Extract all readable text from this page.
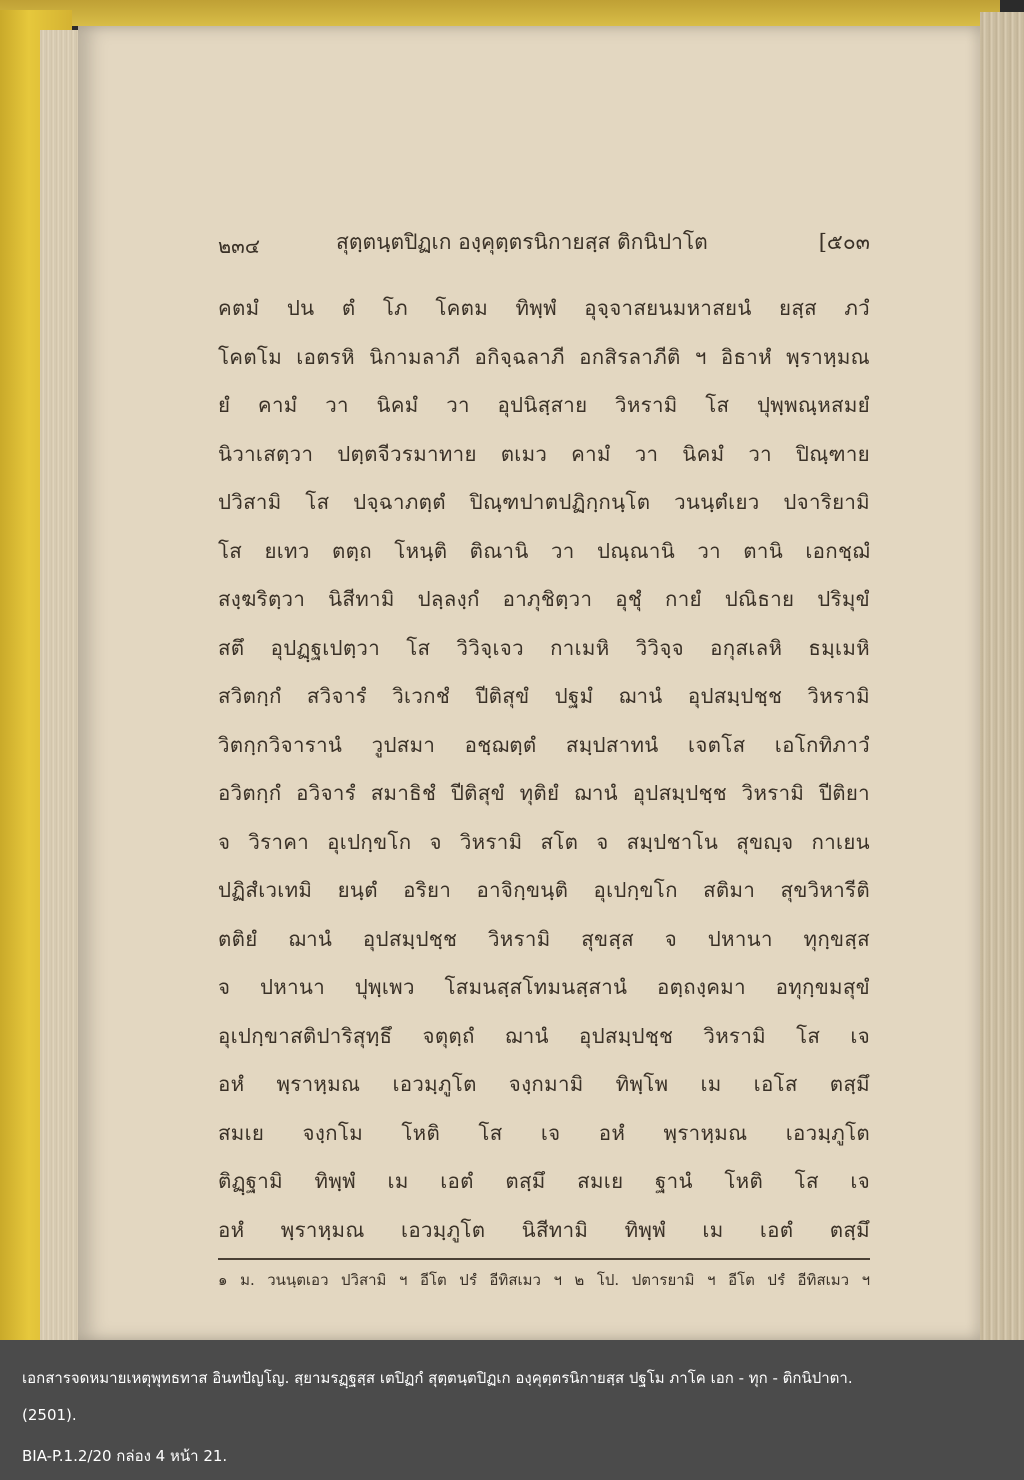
๒๓๔	สุตฺตนฺตปิฏเก องฺคุตฺตรนิกายสฺส ติกนิปาโต	[๕๐๓
คตมํ ปน ตํ โภ โคตม ทิพฺพํ อุจฺจาสยนมหาสยนํ ยสฺส ภวํ
โคตโม เอตรหิ นิกามลาภี อกิจฺฉลาภี อกสิรลาภีติ ฯ อิธาหํ พฺราหฺมณ
ยํ คามํ วา นิคมํ วา อุปนิสฺสาย วิหรามิ โส ปุพฺพณฺหสมยํ
นิวาเสตฺวา ปตฺตจีวรมาทาย ตเมว คามํ วา นิคมํ วา ปิณฺฑาย
ปวิสามิ โส ปจฺฉาภตฺตํ ปิณฺฑปาตปฏิกฺกนฺโต วนนฺตํเยว ปจาริยามิ
โส ยเทว ตตฺถ โหนฺติ ติณานิ วา ปณฺณานิ วา ตานิ เอกชฺฌํ
สงฺฆริตฺวา นิสีทามิ ปลฺลงฺกํ อาภุชิตฺวา อุชุํ กายํ ปณิธาย ปริมุขํ
สตึ อุปฏฺฐเปตฺวา โส วิวิจฺเจว กาเมหิ วิวิจฺจ อกุสเลหิ ธมฺเมหิ
สวิตกฺกํ สวิจารํ วิเวกชํ ปีติสุขํ ปฐมํ ฌานํ อุปสมฺปชฺช วิหรามิ
วิตกฺกวิจารานํ วูปสมา อชฺฌตฺตํ สมฺปสาทนํ เจตโส เอโกทิภาวํ
อวิตกฺกํ อวิจารํ สมาธิชํ ปีติสุขํ ทุติยํ ฌานํ อุปสมฺปชฺช วิหรามิ ปีติยา
จ วิราคา อุเปกฺขโก จ วิหรามิ สโต จ สมฺปชาโน สุขญฺจ กาเยน
ปฏิสํเวเทมิ ยนฺตํ อริยา อาจิกฺขนฺติ อุเปกฺขโก สติมา สุขวิหารีติ
ตติยํ ฌานํ อุปสมฺปชฺช วิหรามิ สุขสฺส จ ปหานา ทุกฺขสฺส
จ ปหานา ปุพฺเพว โสมนสฺสโทมนสฺสานํ อตฺถงฺคมา อทุกฺขมสุขํ
อุเปกฺขาสติปาริสุทฺธึ จตุตฺถํ ฌานํ อุปสมฺปชฺช วิหรามิ โส เจ
อหํ พฺราหฺมณ เอวมฺภูโต จงฺกมามิ ทิพฺโพ เม เอโส ตสฺมึ
สมเย จงฺกโม โหติ โส เจ อหํ พฺราหฺมณ เอวมฺภูโต
ติฏฺฐามิ ทิพฺพํ เม เอตํ ตสฺมึ สมเย ฐานํ โหติ โส เจ
อหํ พฺราหฺมณ เอวมฺภูโต นิสีทามิ ทิพฺพํ เม เอตํ ตสฺมึ
๑ ม. วนนฺตเอว ปวิสามิ ฯ อีโต ปรํ อีทิสเมว ฯ ๒ โป. ปตารยามิ ฯ อีโต ปรํ อีทิสเมว ฯ
เอกสารจดหมายเหตุพุทธทาส อินทปัญโญ. สฺยามรฏฺฐสฺส เตปิฏกํ สุตฺตนฺตปิฏเก องฺคุตฺตรนิกายสฺส ปฐโม ภาโค เอก - ทุก - ติกนิปาตา.
(2501).
BIA-P.1.2/20 กล่อง 4 หน้า 21.
